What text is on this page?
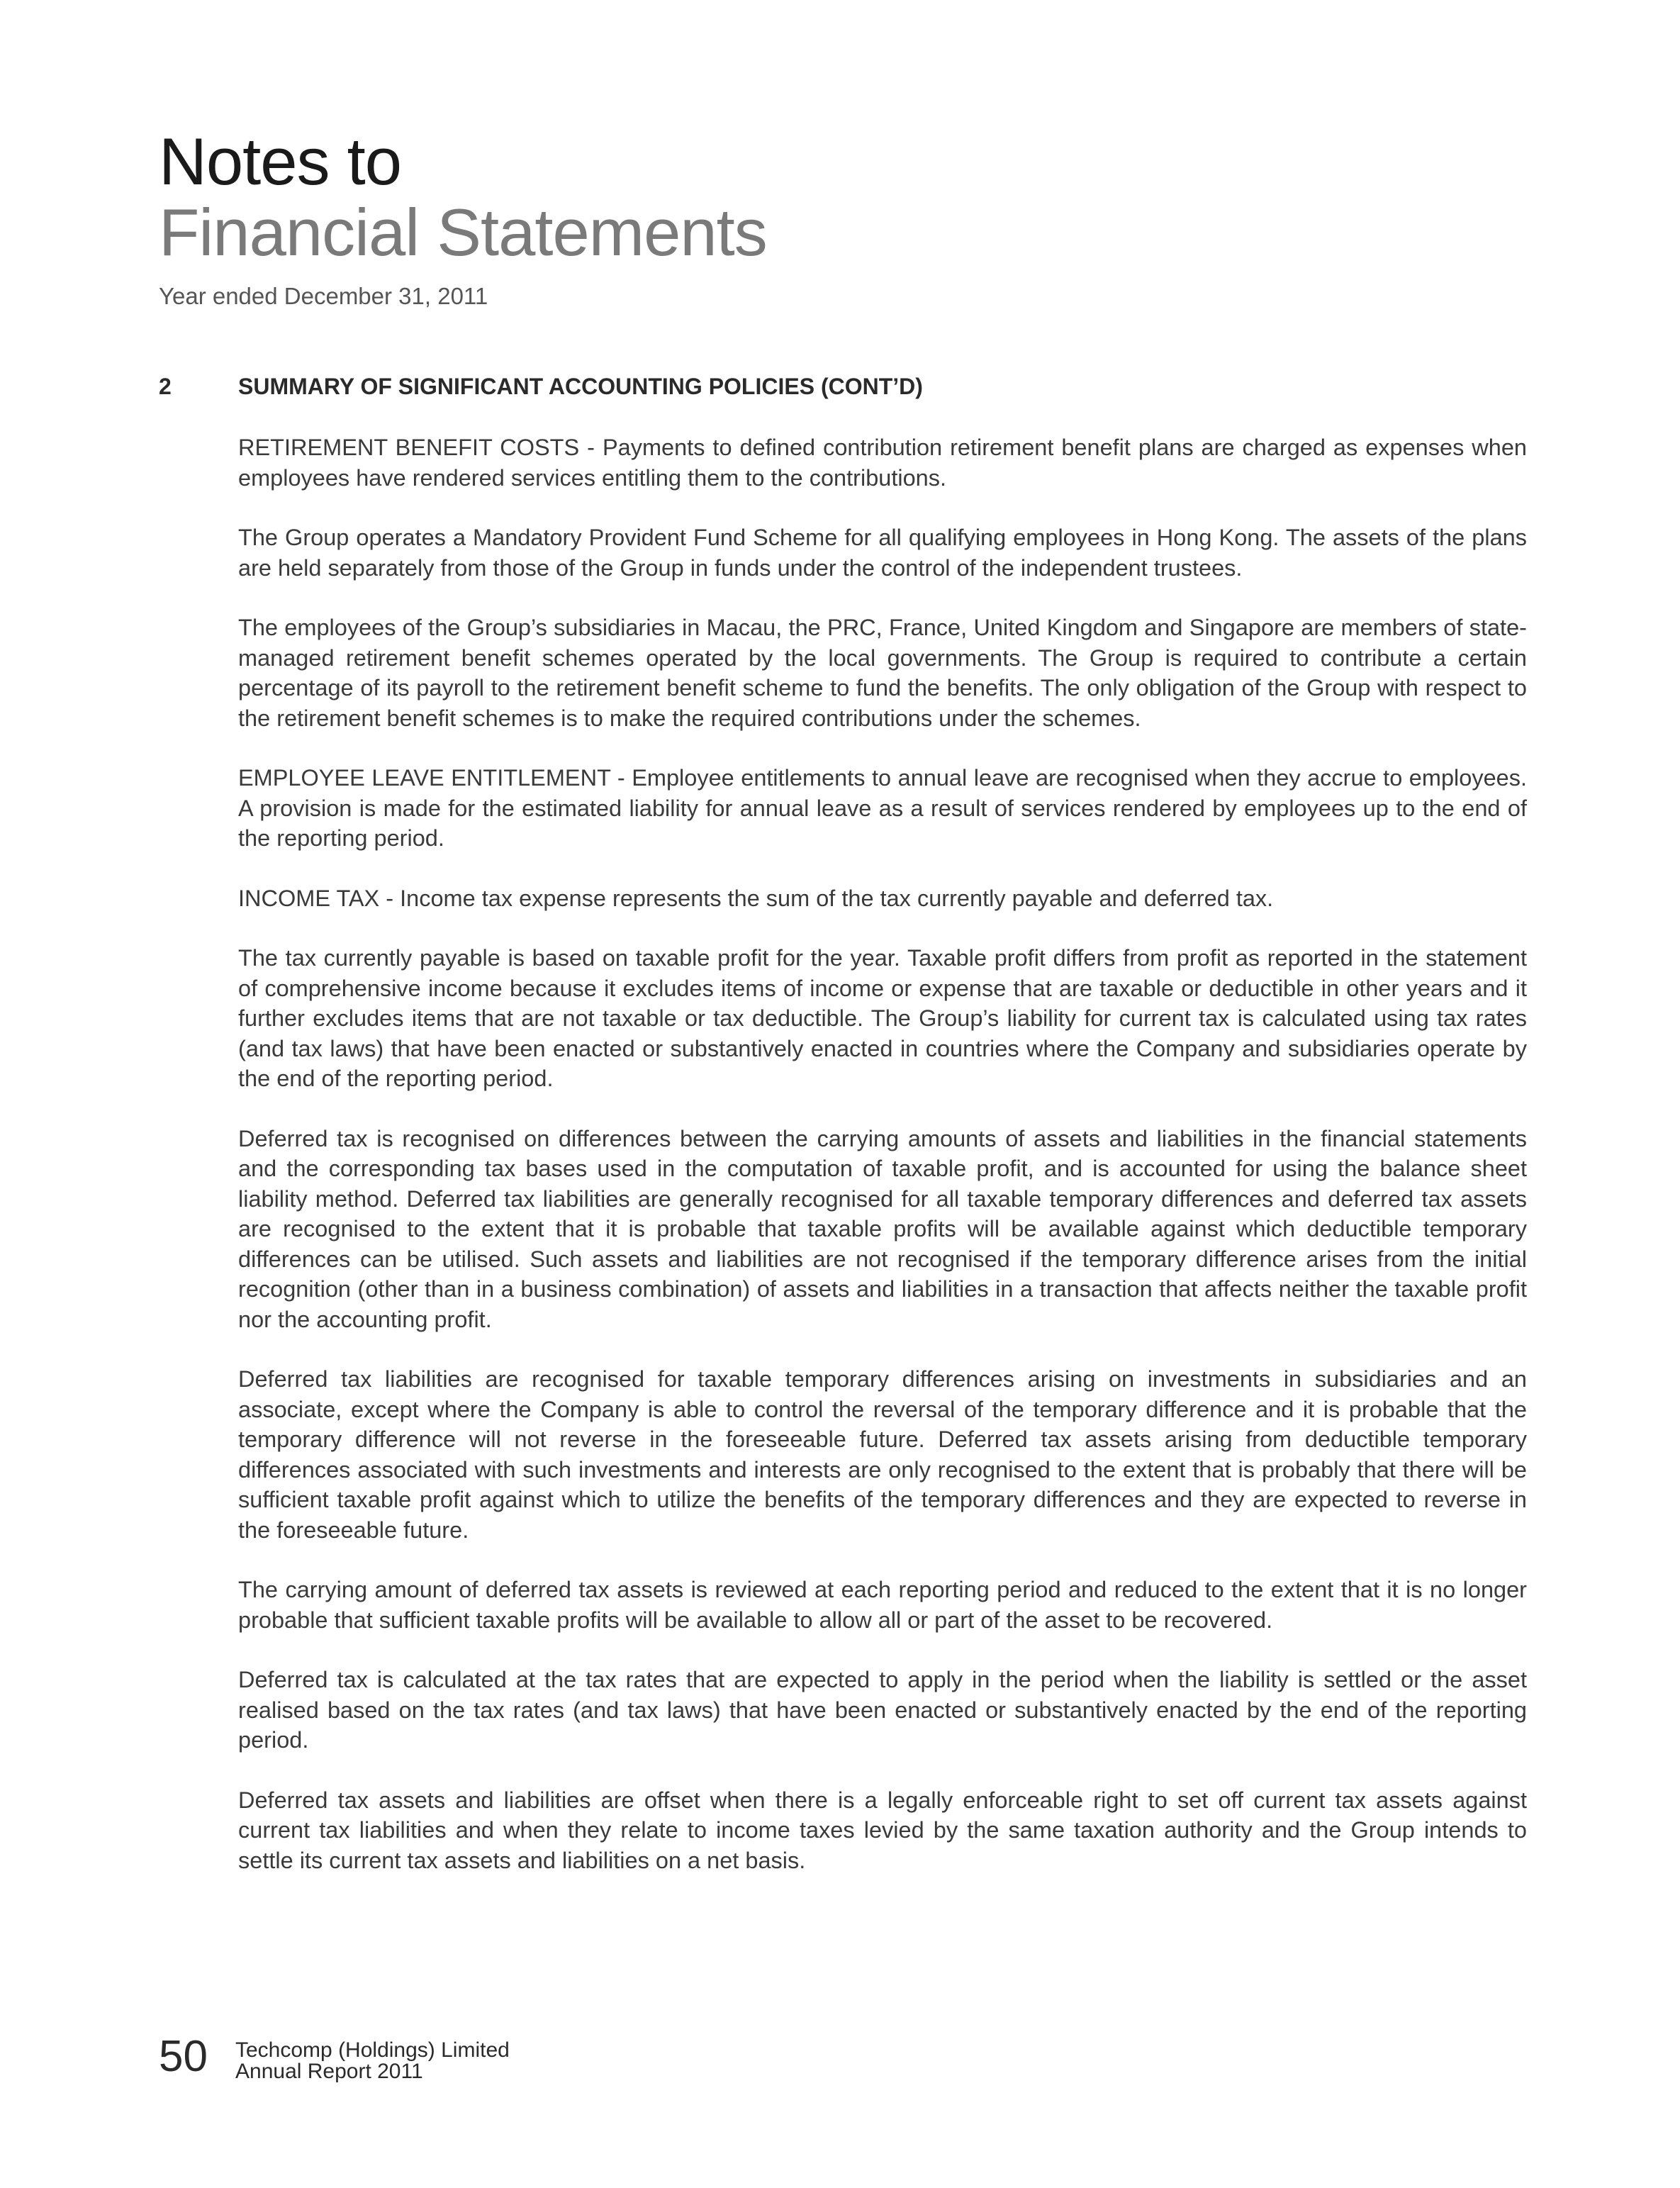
Notes to
Financial Statements
Year ended December 31, 2011
2	SUMMARY OF SIGNIFICANT ACCOUNTING POLICIES (CONT’D)

RETIREMENT BENEFIT COSTS - Payments to defined contribution retirement benefit plans are charged as expenses when employees have rendered services entitling them to the contributions.

The Group operates a Mandatory Provident Fund Scheme for all qualifying employees in Hong Kong. The assets of the plans are held separately from those of the Group in funds under the control of the independent trustees.

The employees of the Group’s subsidiaries in Macau, the PRC, France, United Kingdom and Singapore are members of state-managed retirement benefit schemes operated by the local governments. The Group is required to contribute a certain percentage of its payroll to the retirement benefit scheme to fund the benefits. The only obligation of the Group with respect to the retirement benefit schemes is to make the required contributions under the schemes.

EMPLOYEE LEAVE ENTITLEMENT - Employee entitlements to annual leave are recognised when they accrue to employees. A provision is made for the estimated liability for annual leave as a result of services rendered by employees up to the end of the reporting period.

INCOME TAX - Income tax expense represents the sum of the tax currently payable and deferred tax.

The tax currently payable is based on taxable profit for the year. Taxable profit differs from profit as reported in the statement of comprehensive income because it excludes items of income or expense that are taxable or deductible in other years and it further excludes items that are not taxable or tax deductible. The Group’s liability for current tax is calculated using tax rates (and tax laws) that have been enacted or substantively enacted in countries where the Company and subsidiaries operate by the end of the reporting period.

Deferred tax is recognised on differences between the carrying amounts of assets and liabilities in the financial statements and the corresponding tax bases used in the computation of taxable profit, and is accounted for using the balance sheet liability method. Deferred tax liabilities are generally recognised for all taxable temporary differences and deferred tax assets are recognised to the extent that it is probable that taxable profits will be available against which deductible temporary differences can be utilised. Such assets and liabilities are not recognised if the temporary difference arises from the initial recognition (other than in a business combination) of assets and liabilities in a transaction that affects neither the taxable profit nor the accounting profit.

Deferred tax liabilities are recognised for taxable temporary differences arising on investments in subsidiaries and an associate, except where the Company is able to control the reversal of the temporary difference and it is probable that the temporary difference will not reverse in the foreseeable future. Deferred tax assets arising from deductible temporary differences associated with such investments and interests are only recognised to the extent that is probably that there will be sufficient taxable profit against which to utilize the benefits of the temporary differences and they are expected to reverse in the foreseeable future.

The carrying amount of deferred tax assets is reviewed at each reporting period and reduced to the extent that it is no longer probable that sufficient taxable profits will be available to allow all or part of the asset to be recovered.

Deferred tax is calculated at the tax rates that are expected to apply in the period when the liability is settled or the asset realised based on the tax rates (and tax laws) that have been enacted or substantively enacted by the end of the reporting period.

Deferred tax assets and liabilities are offset when there is a legally enforceable right to set off current tax assets against current tax liabilities and when they relate to income taxes levied by the same taxation authority and the Group intends to settle its current tax assets and liabilities on a net basis.

50 Techcomp (Holdings) Limited
Annual Report 2011
